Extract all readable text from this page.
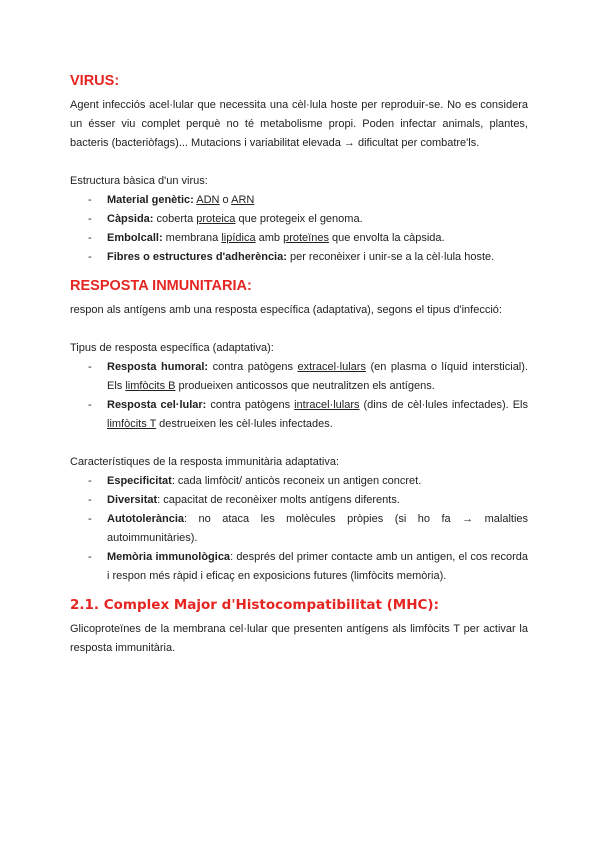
VIRUS:

Agent infecciós acel·lular que necessita una cèl·lula hoste per reproduir-se. No es considera un ésser viu complet perquè no té metabolisme propi. Poden infectar animals, plantes, bacteris (bacteriòfags)... Mutacions i variabilitat elevada → dificultat per combatre'ls.

Estructura bàsica d'un virus:

- Material genètic: ADN o ARN
- Càpsida: coberta proteica que protegeix el genoma.
- Embolcall: membrana lipídica amb proteïnes que envolta la càpsida.
- Fibres o estructures d'adherència: per reconèixer i unir-se a la cèl·lula hoste.
RESPOSTA INMUNITARIA:

respon als antígens amb una resposta específica (adaptativa), segons el tipus d'infecció:

Tipus de resposta específica (adaptativa):

- Resposta humoral: contra patògens extracel·lulars (en plasma o líquid intersticial). Els limfòcits B produeixen anticossos que neutralitzen els antígens.
- Resposta cel·lular: contra patògens intracel·lulars (dins de cèl·lules infectades). Els limfòcits T destrueixen les cèl·lules infectades.

Característiques de la resposta immunitària adaptativa:

- Especificitat: cada limfòcit/ anticòs reconeix un antigen concret.
- Diversitat: capacitat de reconèixer molts antígens diferents.
- Autotolerància: no ataca les molècules pròpies (si ho fa → malalties autoimmunitàries).
- Memòria immunològica: després del primer contacte amb un antigen, el cos recorda i respon més ràpid i eficaç en exposicions futures (limfòcits memòria).
2.1. Complex Major d'Histocompatibilitat (MHC):

Glicoproteïnes de la membrana cel·lular que presenten antígens als limfòcits T per activar la resposta immunitària.
